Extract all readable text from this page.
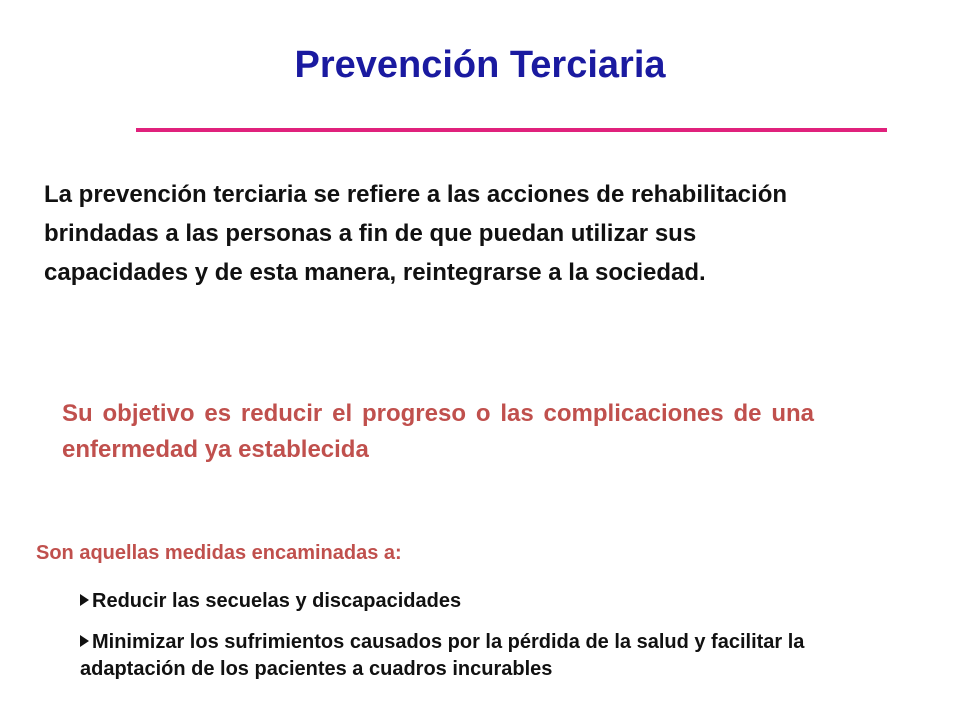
Prevención Terciaria

La prevención terciaria se refiere a las acciones de rehabilitación brindadas a las personas a fin de que puedan utilizar sus capacidades y de esta manera, reintegrarse a la sociedad.

Su objetivo es reducir el progreso o las complicaciones de una enfermedad ya establecida

Son aquellas medidas encaminadas a:

Reducir las secuelas y discapacidades
Minimizar los sufrimientos causados por la pérdida de la salud y facilitar la adaptación de los pacientes a cuadros incurables
